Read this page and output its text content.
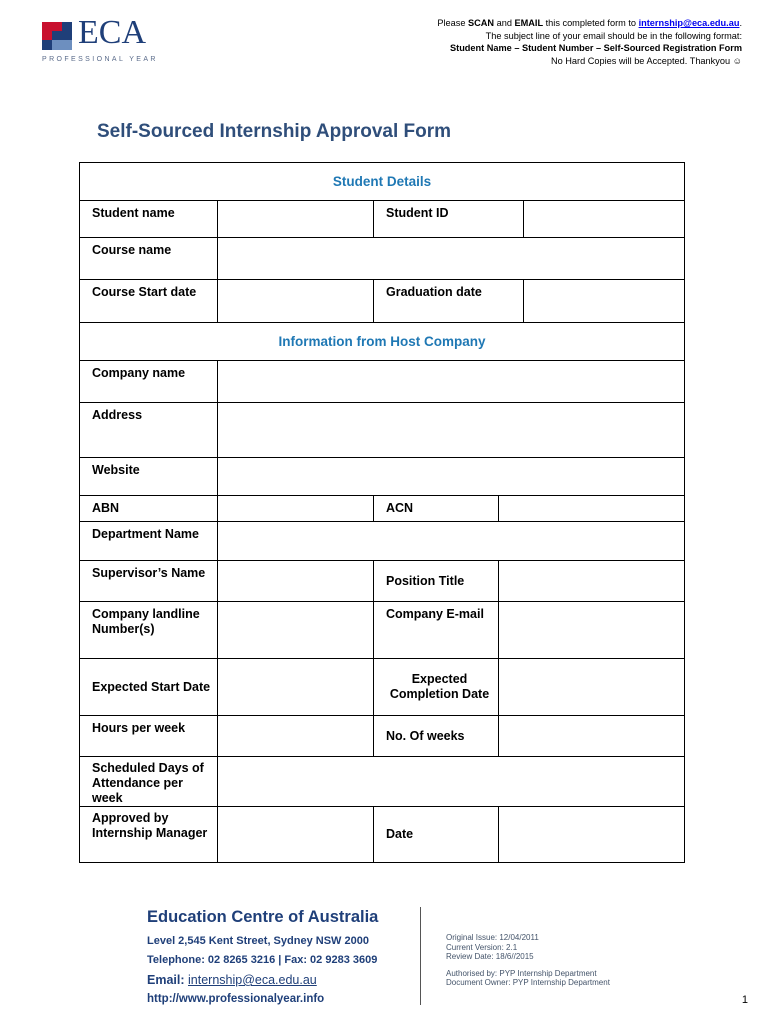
ECA
PROFESSIONAL YEAR
Please SCAN and EMAIL this completed form to internship@eca.edu.au.
The subject line of your email should be in the following format:
Student Name – Student Number – Self-Sourced Registration Form
No Hard Copies will be Accepted. Thankyou ☺
Self-Sourced Internship Approval Form
Student Details				
Student name		Student ID		
Course name				
Course Start date		Graduation date		
Information from Host Company				
Company name				
Address				
Website				
ABN		ACN		
Department Name				
Supervisor’s Name		Position Title		
Company landline Number(s)		Company E-mail		
Expected Start Date		Expected Completion Date		
Hours per week		No. Of weeks		
Scheduled Days of Attendance per week				
Approved by Internship Manager		Date		
Education Centre of Australia
Level 2,545 Kent Street, Sydney NSW 2000
Telephone: 02 8265 3216 | Fax: 02 9283 3609
Email: internship@eca.edu.au
http://www.professionalyear.info
Original Issue: 12/04/2011
Current Version: 2.1
Review Date: 18/6//2015
Authorised by: PYP Internship Department
Document Owner: PYP Internship Department
1
